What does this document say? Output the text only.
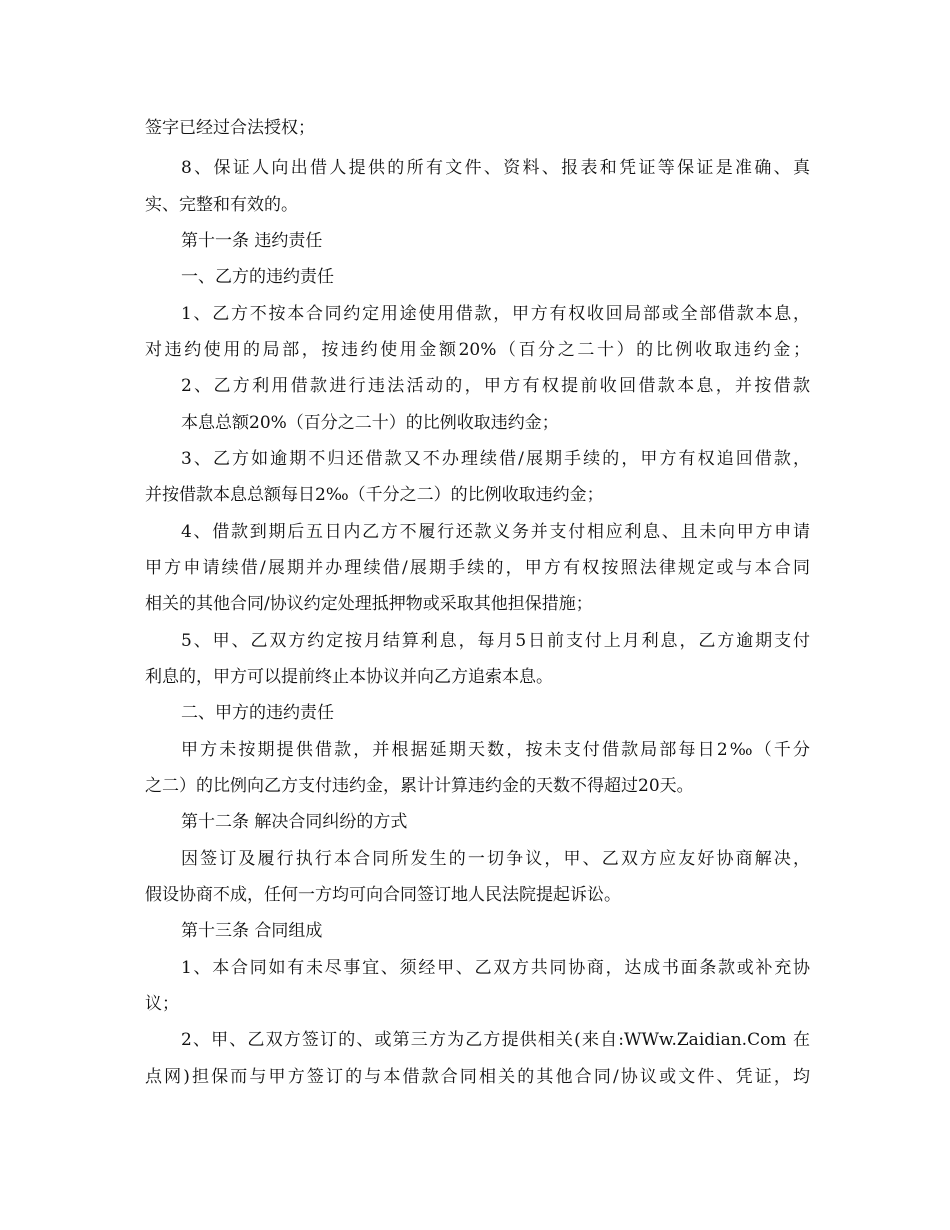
签字已经过合法授权；
8、保证人向出借人提供的所有文件、资料、报表和凭证等保证是准确、真
实、完整和有效的。
第十一条 违约责任
一、乙方的违约责任
1、乙方不按本合同约定用途使用借款，甲方有权收回局部或全部借款本息，
对违约使用的局部，按违约使用金额20%（百分之二十）的比例收取违约金；
2、乙方利用借款进行违法活动的，甲方有权提前收回借款本息，并按借款
本息总额20%（百分之二十）的比例收取违约金；
3、乙方如逾期不归还借款又不办理续借/展期手续的，甲方有权追回借款，
并按借款本息总额每日2‰（千分之二）的比例收取违约金；
4、借款到期后五日内乙方不履行还款义务并支付相应利息、且未向甲方申请
甲方申请续借/展期并办理续借/展期手续的，甲方有权按照法律规定或与本合同
相关的其他合同/协议约定处理抵押物或采取其他担保措施；
5、甲、乙双方约定按月结算利息，每月5日前支付上月利息，乙方逾期支付
利息的，甲方可以提前终止本协议并向乙方追索本息。
二、甲方的违约责任
甲方未按期提供借款，并根据延期天数，按未支付借款局部每日2‰（千分
之二）的比例向乙方支付违约金，累计计算违约金的天数不得超过20天。
第十二条 解决合同纠纷的方式
因签订及履行执行本合同所发生的一切争议，甲、乙双方应友好协商解决，
假设协商不成，任何一方均可向合同签订地人民法院提起诉讼。
第十三条 合同组成
1、本合同如有未尽事宜、须经甲、乙双方共同协商，达成书面条款或补充协
议；
2、甲、乙双方签订的、或第三方为乙方提供相关(来自:WWw.Zaidian.Com 在
点网)担保而与甲方签订的与本借款合同相关的其他合同/协议或文件、凭证，均
